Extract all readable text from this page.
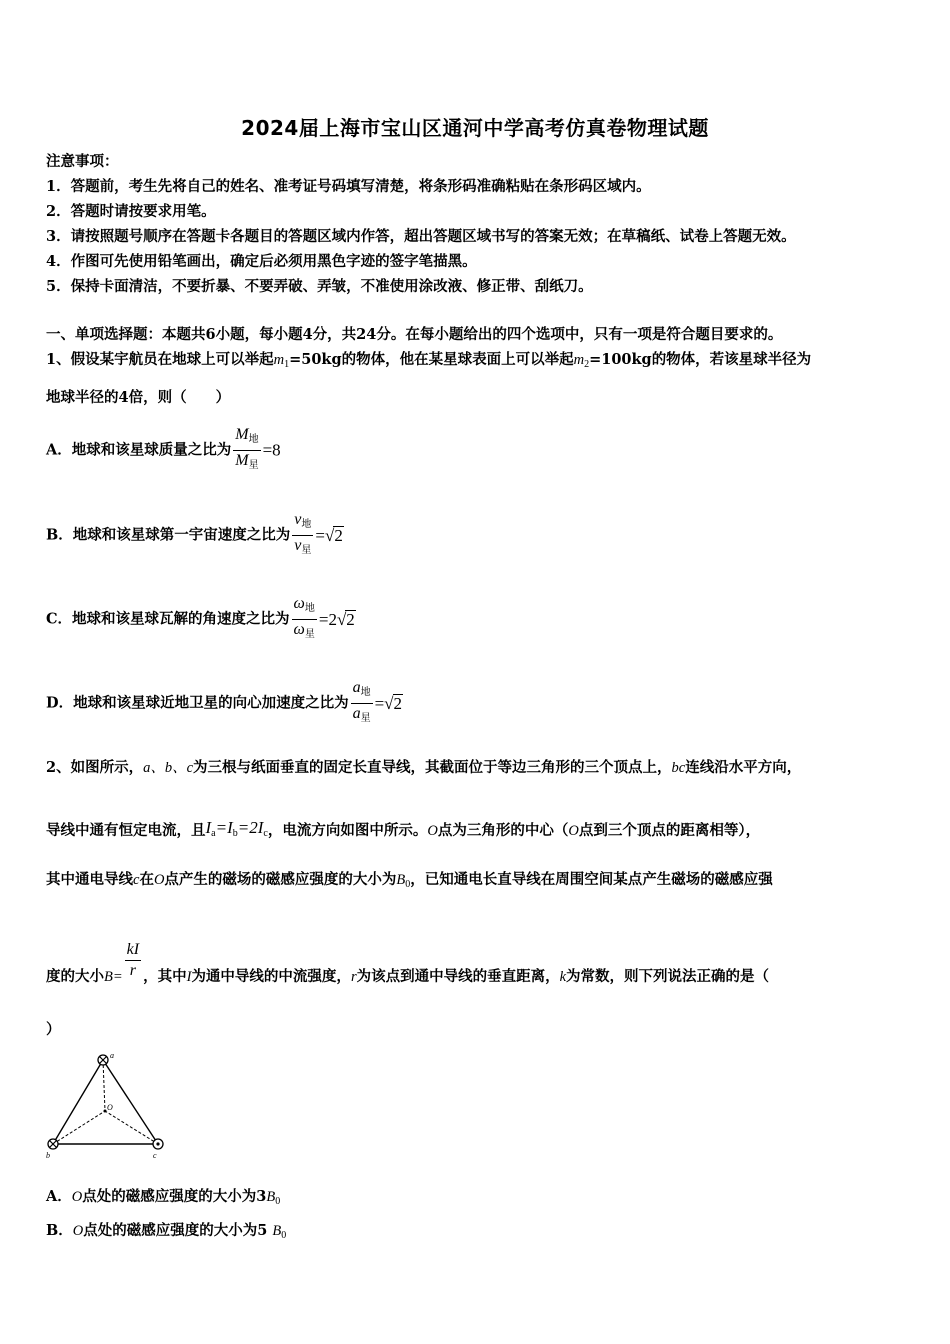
2024届上海市宝山区通河中学高考仿真卷物理试题
注意事项：
1．答题前，考生先将自己的姓名、准考证号码填写清楚，将条形码准确粘贴在条形码区域内。
2．答题时请按要求用笔。
3．请按照题号顺序在答题卡各题目的答题区域内作答，超出答题区域书写的答案无效；在草稿纸、试卷上答题无效。
4．作图可先使用铅笔画出，确定后必须用黑色字迹的签字笔描黑。
5．保持卡面清洁，不要折暴、不要弄破、弄皱，不准使用涂改液、修正带、刮纸刀。
一、单项选择题：本题共6小题，每小题4分，共24分。在每小题给出的四个选项中，只有一项是符合题目要求的。
1、假设某宇航员在地球上可以举起$m_1=50kg$的物体，他在某星球表面上可以举起$m_2=100kg$的物体，若该星球半径为
地球半径的4倍，则（　　）
A．地球和该星球质量之比为 $\frac{M_地}{M_星} =8$
B．地球和该星球第一宇宙速度之比为 $\frac{v_地}{v_星} =√2$
C．地球和该星球瓦解的角速度之比为 $\frac{\omega_地}{\omega_星} =2√2$
D．地球和该星球近地卫星的向心加速度之比为 $\frac{a_地}{a_星} =√2$
2、如图所示，a、b、c为三根与纸面垂直的固定长直导线，其截面位于等边三角形的三个顶点上，bc连线沿水平方向，
导线中通有恒定电流，且$I_a=I_b=2I_c$，电流方向如图中所示。O点为三角形的中心（O点到三个顶点的距离相等），
其中通电导线c在O点产生的磁场的磁感应强度的大小为$B_0$，已知通电长直导线在周围空间某点产生磁场的磁感应强
度的大小$B= \frac{kI}{r}$ ，其中I为通中导线的中流强度，r为该点到通中导线的垂直距离，k为常数，则下列说法正确的是（
）
a
b	c
O
A．O点处的磁感应强度的大小为$3B_0$
B．O点处的磁感应强度的大小为5 $B_0$
